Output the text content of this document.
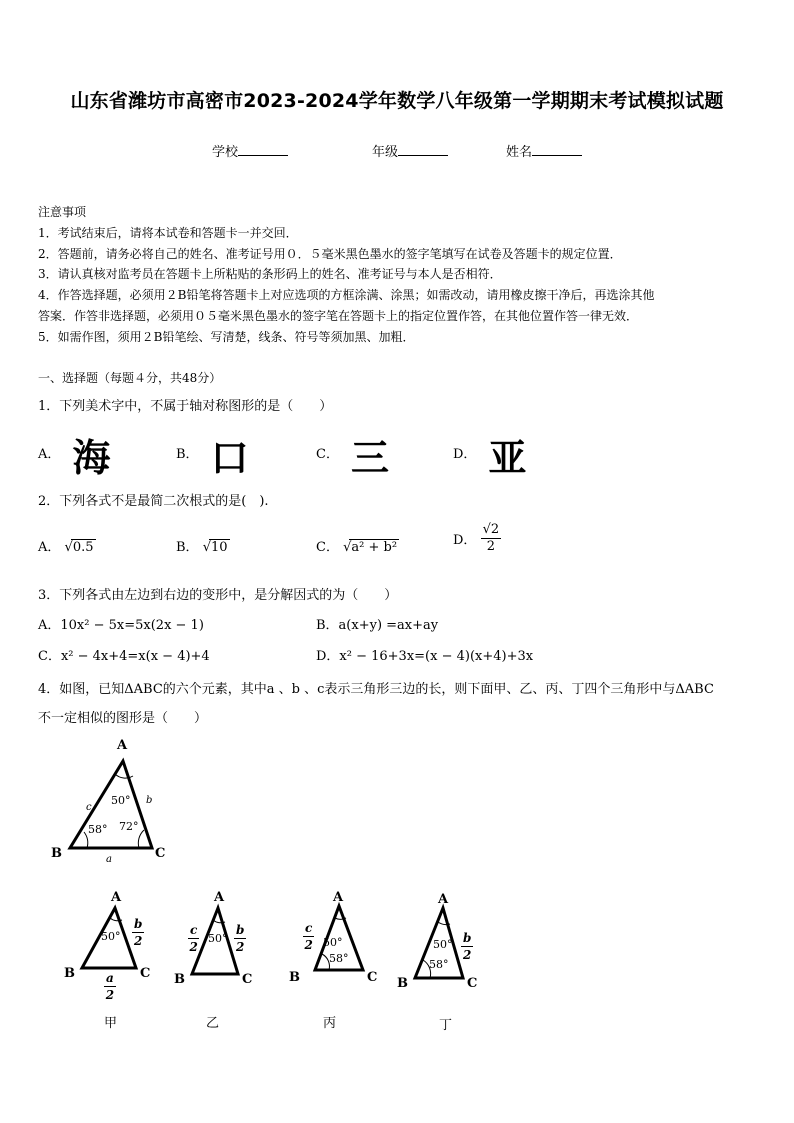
山东省潍坊市高密市2023-2024学年数学八年级第一学期期末考试模拟试题
学校	年级	姓名
注意事项
1．考试结束后，请将本试卷和答题卡一并交回．
2．答题前，请务必将自己的姓名、准考证号用０．５毫米黑色墨水的签字笔填写在试卷及答题卡的规定位置．
3．请认真核对监考员在答题卡上所粘贴的条形码上的姓名、准考证号与本人是否相符．
4．作答选择题，必须用２B铅笔将答题卡上对应选项的方框涂满、涂黑；如需改动，请用橡皮擦干净后，再选涂其他
答案．作答非选择题，必须用０５毫米黑色墨水的签字笔在答题卡上的指定位置作答，在其他位置作答一律无效．
5．如需作图，须用２B铅笔绘、写清楚，线条、符号等须加黑、加粗．
一、选择题（每题４分，共48分）
1．下列美术字中，不属于轴对称图形的是（　　）
A． 海	B． 口	C． 三	D． 亚
2．下列各式不是最简二次根式的是(　).
A． √0.5	B． √10	C． √a² + b²	D． $\frac{√2}{2}$
3．下列各式由左边到右边的变形中，是分解因式的为（　　）
A．10x² − 5x=5x(2x − 1)	B．a(x+y) =ax+ay
C．x² − 4x+4=x(x − 4)+4	D．x² − 16+3x=(x − 4)(x+4)+3x
4．如图，已知ΔABC的六个元素，其中a 、b 、c表示三角形三边的长，则下面甲、乙、丙、丁四个三角形中与ΔABC
不一定相似的图形是（　　）
A
B	C
c
b
a
50°
58° 72°
A
B	C
$50^\circ \frac{b}{2}$
$\frac{a}{2}$
甲
A
B	C
50°
$\frac{c}{2}$	$\frac{b}{2}$
乙
A
B	C
50°
58°
$\frac{c}{2}$
丙
A
B	C
50°
58°
$\frac{b}{2}$
丁
